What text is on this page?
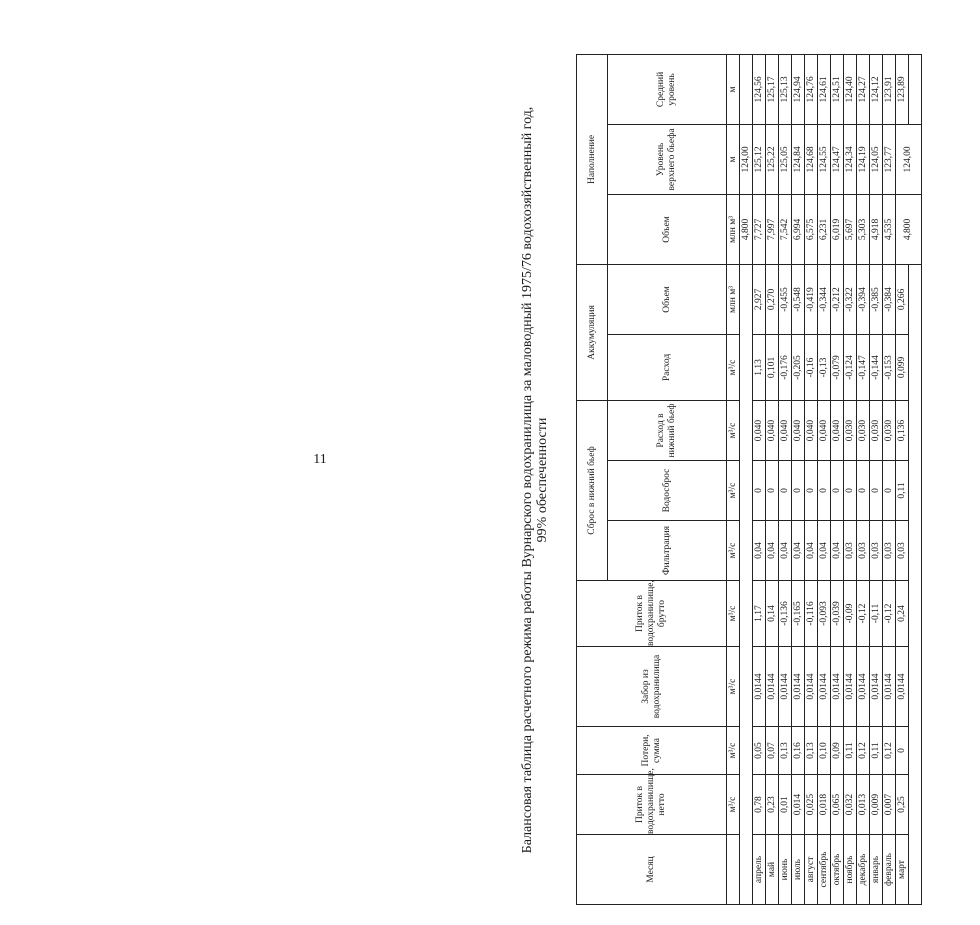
11	Балансовая таблица расчетного режима работы Вурнарского водохранилища за маловодный 1975/76 водохозяйственный год, 99% обеспеченности
Месяц	Приток в водохранилище, нетто	Потери, сумма	Забор из водохранилища	Приток в водохранилище, брутто	Сброс в нижний бьеф			Аккумуляция		Наполнение		
					Фильтрация	Водосброс	Расход в нижний бьеф	Расход	Объем	Объем	Уровень верхнего бьефа	Средний уровень
	м³/с	м³/с	м³/с	м³/с	м³/с	м³/с	м³/с	м³/с	млн м³	млн м³	м	м
										4,800	124,00	
апрель	0,78	0,05	0,0144	1,17	0,04	0	0,040	1,13	2,927			124,56
										7,727	125,12	
май	0,23	0,07	0,0144	0,14	0,04	0	0,040	0,101	0,270			125,17
										7,997	125,22	
июнь	0,01	0,13	0,0144	-0,136	0,04	0	0,040	-0,176	-0,455			125,13
										7,542	125,05	
июль	0,014	0,16	0,0144	-0,165	0,04	0	0,040	-0,205	-0,548			124,94
										6,994	124,84	
август	0,025	0,13	0,0144	-0,116	0,04	0	0,040	-0,16	-0,419			124,76
										6,575	124,68	
сентябрь	0,018	0,10	0,0144	-0,093	0,04	0	0,040	-0,13	-0,344			124,61
										6,231	124,55	
октябрь	0,065	0,09	0,0144	-0,039	0,04	0	0,040	-0,079	-0,212			124,51
										6,019	124,47	
ноябрь	0,032	0,11	0,0144	-0,09	0,03	0	0,030	-0,124	-0,322			124,40
										5,697	124,34	
декабрь	0,013	0,12	0,0144	-0,12	0,03	0	0,030	-0,147	-0,394			124,27
										5,303	124,19	
январь	0,009	0,11	0,0144	-0,11	0,03	0	0,030	-0,144	-0,385			124,12
										4,918	124,05	
февраль	0,007	0,12	0,0144	-0,12	0,03	0	0,030	-0,153	-0,384			123,91
										4,535	123,77	
март	0,25	0	0,0144	0,24	0,03	0,11	0,136	0,099	0,266			123,89
										4,800	124,00	
